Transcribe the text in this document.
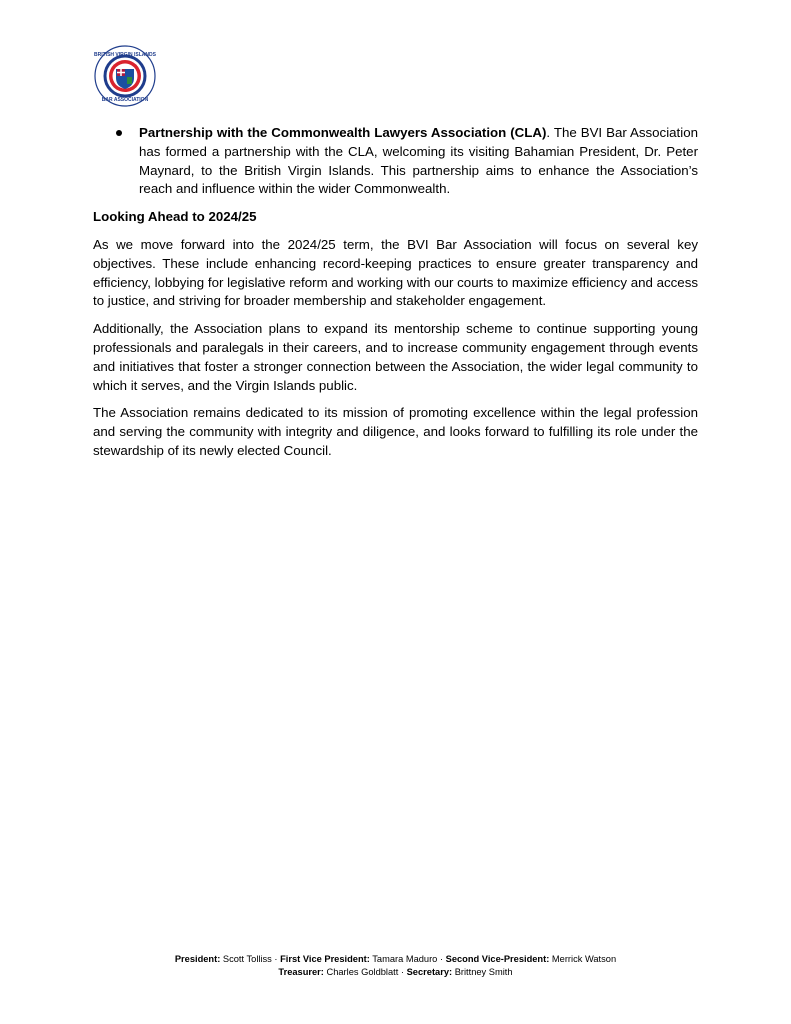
BRITISH VIRGIN ISLANDS
BAR ASSOCIATION
Partnership with the Commonwealth Lawyers Association (CLA). The BVI Bar Association has formed a partnership with the CLA, welcoming its visiting Bahamian President, Dr. Peter Maynard, to the British Virgin Islands. This partnership aims to enhance the Association’s reach and influence within the wider Commonwealth.
Looking Ahead to 2024/25

As we move forward into the 2024/25 term, the BVI Bar Association will focus on several key objectives. These include enhancing record-keeping practices to ensure greater transparency and efficiency, lobbying for legislative reform and working with our courts to maximize efficiency and access to justice, and striving for broader membership and stakeholder engagement.

Additionally, the Association plans to expand its mentorship scheme to continue supporting young professionals and paralegals in their careers, and to increase community engagement through events and initiatives that foster a stronger connection between the Association, the wider legal community to which it serves, and the Virgin Islands public.

The Association remains dedicated to its mission of promoting excellence within the legal profession and serving the community with integrity and diligence, and looks forward to fulfilling its role under the stewardship of its newly elected Council.

President: Scott Tolliss · First Vice President: Tamara Maduro · Second Vice-President: Merrick Watson
Treasurer: Charles Goldblatt · Secretary: Brittney Smith
